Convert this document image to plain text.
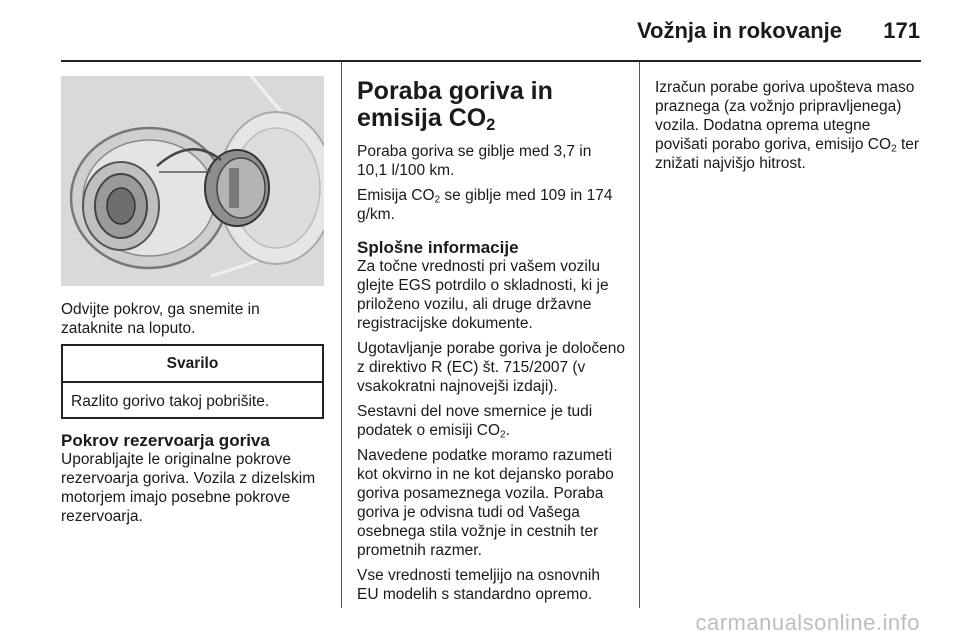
Vožnja in rokovanje 171
Odvijte pokrov, ga snemite in zataknite na loputo.
Svarilo
Razlito gorivo takoj pobrišite.
Pokrov rezervoarja goriva
Uporabljajte le originalne pokrove rezervoarja goriva. Vozila z dizelskim motorjem imajo posebne pokrove rezervoarja.
Poraba goriva in
emisija $CO_2$
Poraba goriva se giblje med 3,7 in 10,1 l/100 km.
Emisija $CO_2$ se giblje med 109 in 174 g/km.
Splošne informacije
Za točne vrednosti pri vašem vozilu glejte EGS potrdilo o skladnosti, ki je priloženo vozilu, ali druge državne registracijske dokumente.
Ugotavljanje porabe goriva je določeno z direktivo R (EC) št. 715/2007 (v vsakokratni najnovejši izdaji).
Sestavni del nove smernice je tudi podatek o emisiji $CO_2$.
Navedene podatke moramo razumeti kot okvirno in ne kot dejansko porabo goriva posameznega vozila. Poraba goriva je odvisna tudi od Vašega osebnega stila vožnje in cestnih ter prometnih razmer.
Vse vrednosti temeljijo na osnovnih EU modelih s standardno opremo.
Izračun porabe goriva upošteva maso praznega (za vožnjo pripravljenega) vozila. Dodatna oprema utegne povišati porabo goriva, emisijo $CO_2$ ter znižati najvišjo hitrost.
carmanualsonline.info
